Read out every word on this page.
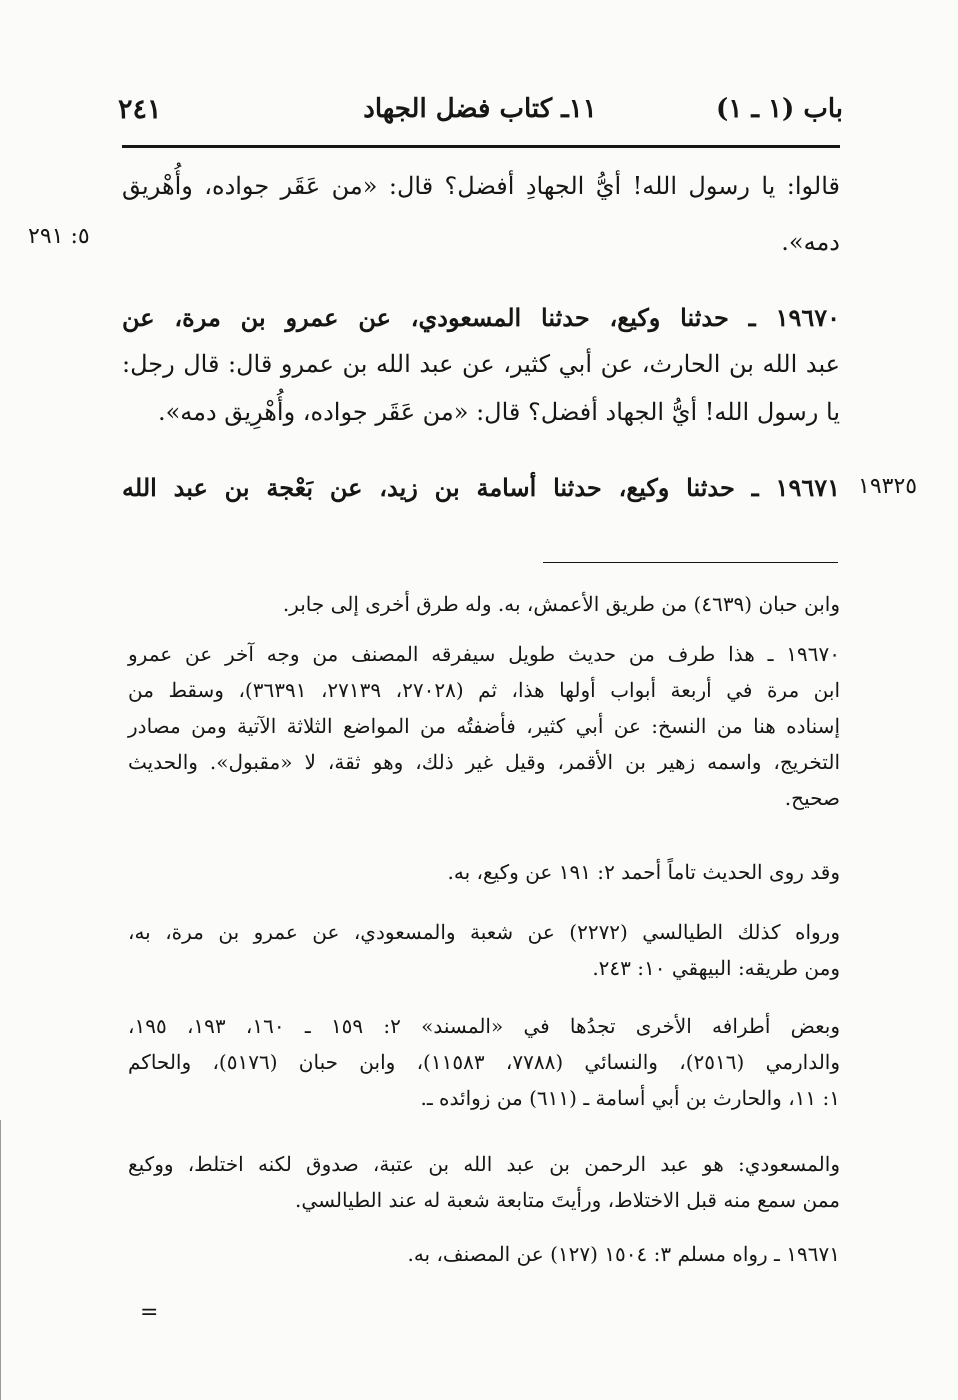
٢٤١	١١ـ كتاب فضل الجهاد	باب (١ ـ ١)
قالوا: يا رسول الله! أيُّ الجهادِ أفضل؟ قال: «من عَقَر جواده، وأُهْريق
دمه».
٥: ٢٩١
١٩٦٧٠ ـ حدثنا وكيع، حدثنا المسعودي، عن عمرو بن مرة، عن
عبد الله بن الحارث، عن أبي كثير، عن عبد الله بن عمرو قال: قال رجل:
يا رسول الله! أيُّ الجهاد أفضل؟ قال: «من عَقَر جواده، وأُهْرِيق دمه».
١٩٦٧١ ـ حدثنا وكيع، حدثنا أسامة بن زيد، عن بَعْجة بن عبد الله ١٩٣٢٥
وابن حبان (٤٦٣٩) من طريق الأعمش، به. وله طرق أخرى إلى جابر.
١٩٦٧٠ ـ هذا طرف من حديث طويل سيفرقه المصنف من وجه آخر عن عمرو
ابن مرة في أربعة أبواب أولها هذا، ثم (٢٧٠٢٨، ٢٧١٣٩، ٣٦٣٩١)، وسقط من
إسناده هنا من النسخ: عن أبي كثير، فأضفتُه من المواضع الثلاثة الآتية ومن مصادر
التخريج، واسمه زهير بن الأقمر، وقيل غير ذلك، وهو ثقة، لا «مقبول». والحديث
صحيح.
وقد روى الحديث تاماً أحمد ٢: ١٩١ عن وكيع، به.
ورواه كذلك الطيالسي (٢٢٧٢) عن شعبة والمسعودي، عن عمرو بن مرة، به،
ومن طريقه: البيهقي ١٠: ٢٤٣.
وبعض أطرافه الأخرى تجدُها في «المسند» ٢: ١٥٩ ـ ١٦٠، ١٩٣، ١٩٥،
والدارمي (٢٥١٦)، والنسائي (٧٧٨٨، ١١٥٨٣)، وابن حبان (٥١٧٦)، والحاكم
١: ١١، والحارث بن أبي أسامة ـ (٦١١) من زوائده ـ.
والمسعودي: هو عبد الرحمن بن عبد الله بن عتبة، صدوق لكنه اختلط، ووكيع
ممن سمع منه قبل الاختلاط، ورأيتَ متابعة شعبة له عند الطيالسي.
١٩٦٧١ ـ رواه مسلم ٣: ١٥٠٤ (١٢٧) عن المصنف، به.
=
